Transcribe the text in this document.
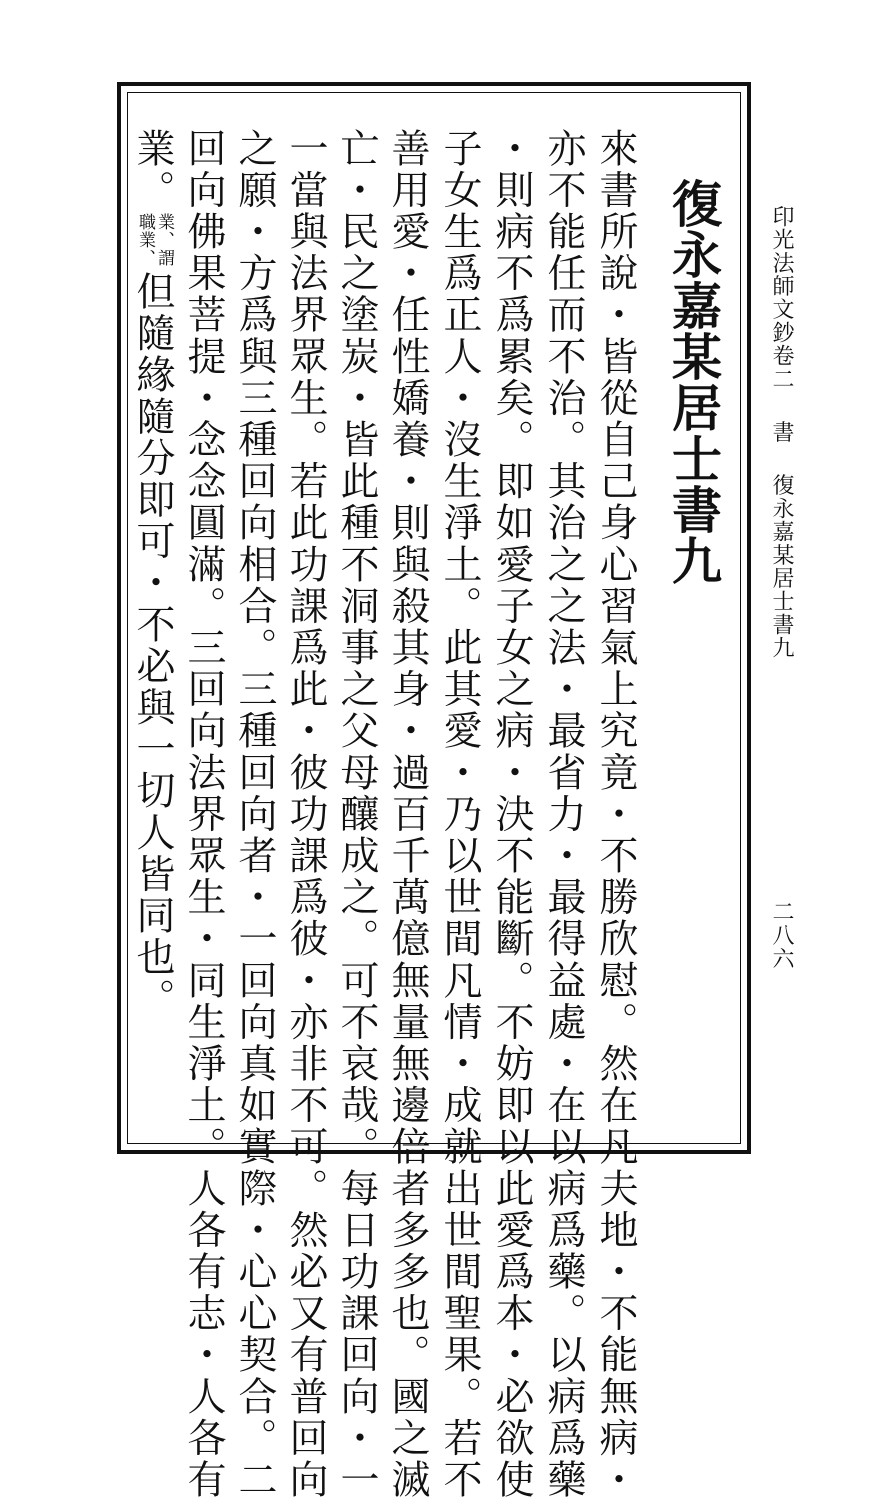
印光法師文鈔卷二書復永嘉某居士書九
二八六
復永嘉某居士書九
來書所說・皆從自己身心習氣上究竟・不勝欣慰。然在凡夫地・不能無病・
亦不能任而不治。其治之之法・最省力・最得益處・在以病爲藥。以病爲藥
・則病不爲累矣。即如愛子女之病・決不能斷。不妨即以此愛爲本・必欲使
子女生爲正人・沒生淨土。此其愛・乃以世間凡情・成就出世間聖果。若不
善用愛・任性嬌養・則與殺其身・過百千萬億無量無邊倍者多多也。國之滅
亡・民之塗炭・皆此種不洞事之父母釀成之。可不哀哉。每日功課回向・一
一當與法界眾生。若此功課爲此・彼功課爲彼・亦非不可。然必又有普回向
之願・方爲與三種回向相合。三種回向者・一回向真如實際・心心契合。二
回向佛果菩提・念念圓滿。三回向法界眾生・同生淨土。人各有志・人各有
業。
業、謂
職業、
但隨緣隨分即可・不必與一切人皆同也。
